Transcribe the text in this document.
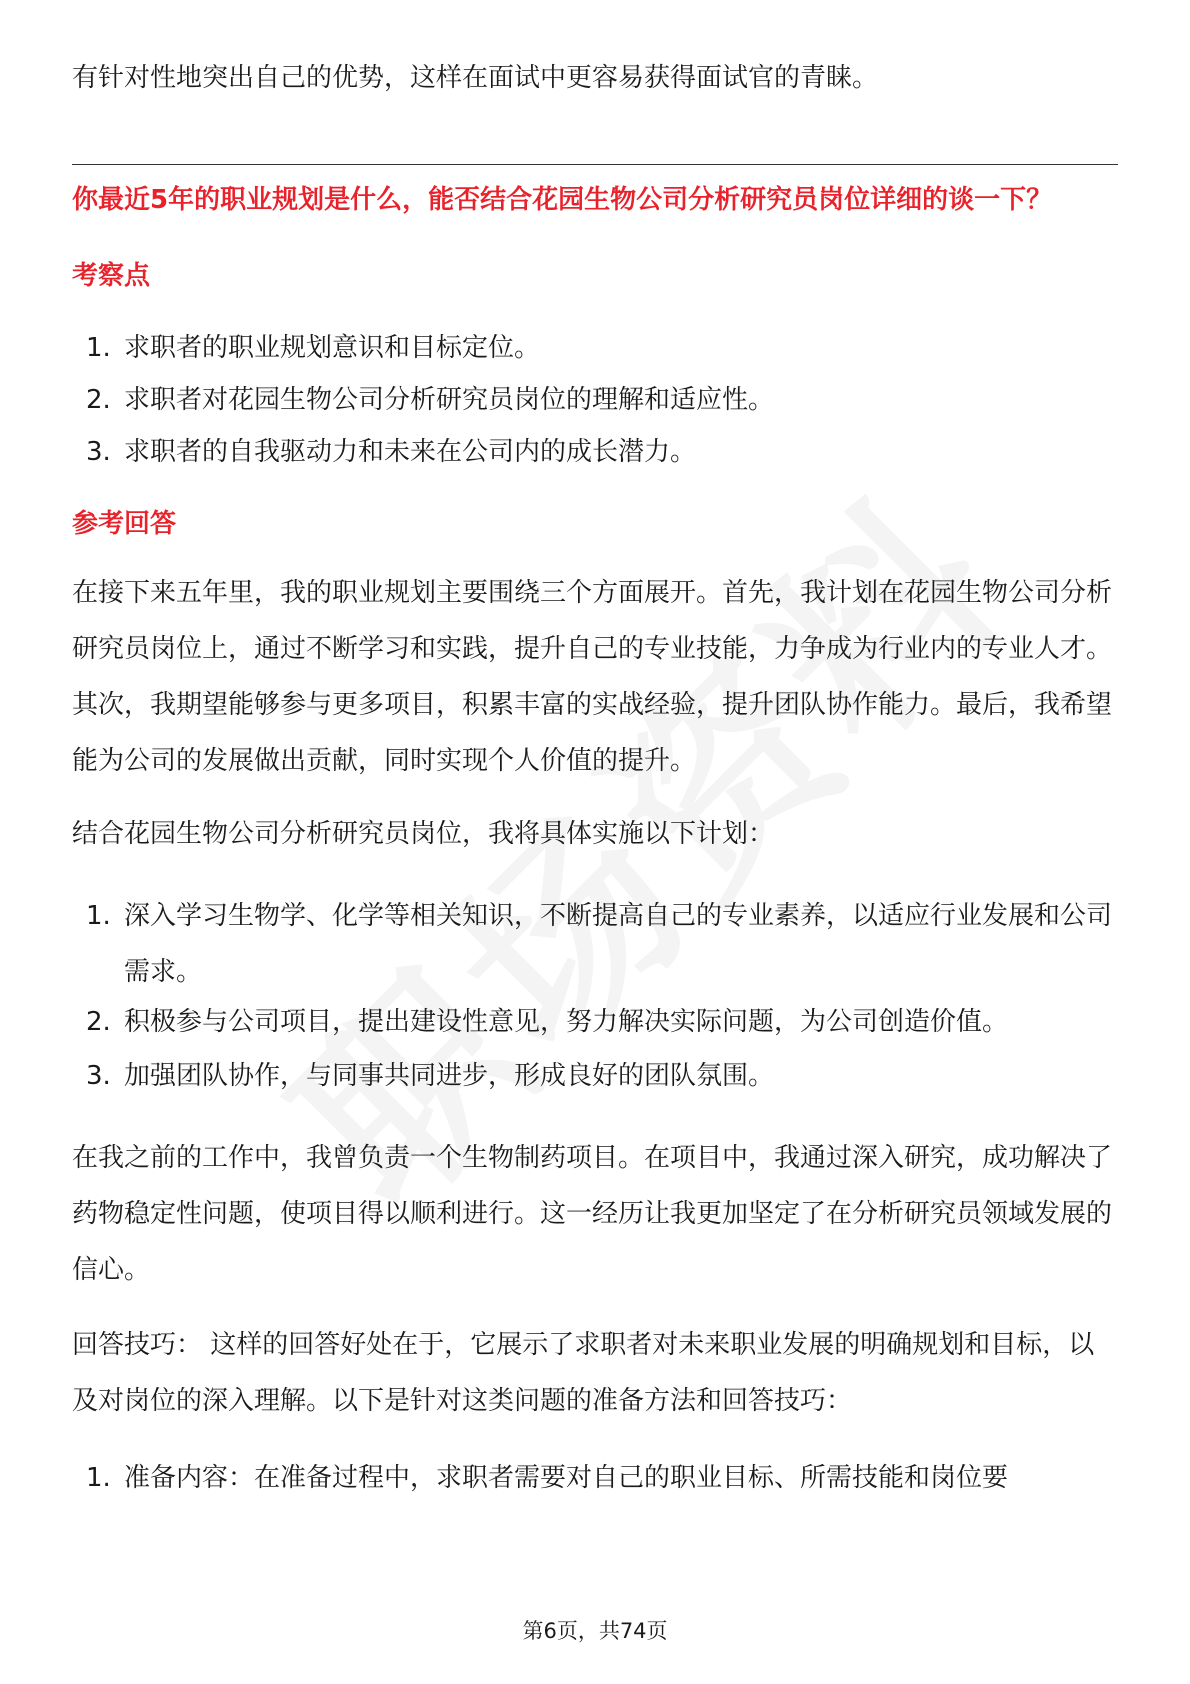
有针对性地突出自己的优势，这样在面试中更容易获得面试官的青睐。

你最近5年的职业规划是什么，能否结合花园生物公司分析研究员岗位详细的谈一下？

考察点

1. 求职者的职业规划意识和目标定位。
2. 求职者对花园生物公司分析研究员岗位的理解和适应性。
3. 求职者的自我驱动力和未来在公司内的成长潜力。

参考回答

在接下来五年里，我的职业规划主要围绕三个方面展开。首先，我计划在花园生物公司分析研究员岗位上，通过不断学习和实践，提升自己的专业技能，力争成为行业内的专业人才。其次，我期望能够参与更多项目，积累丰富的实战经验，提升团队协作能力。最后，我希望能为公司的发展做出贡献，同时实现个人价值的提升。

结合花园生物公司分析研究员岗位，我将具体实施以下计划：

1. 深入学习生物学、化学等相关知识，不断提高自己的专业素养，以适应行业发展和公司需求。
2. 积极参与公司项目，提出建设性意见，努力解决实际问题，为公司创造价值。
3. 加强团队协作，与同事共同进步，形成良好的团队氛围。

在我之前的工作中，我曾负责一个生物制药项目。在项目中，我通过深入研究，成功解决了药物稳定性问题，使项目得以顺利进行。这一经历让我更加坚定了在分析研究员领域发展的信心。

回答技巧： 这样的回答好处在于，它展示了求职者对未来职业发展的明确规划和目标，以及对岗位的深入理解。以下是针对这类问题的准备方法和回答技巧：

1. 准备内容：在准备过程中，求职者需要对自己的职业目标、所需技能和岗位要
第6页，共74页
